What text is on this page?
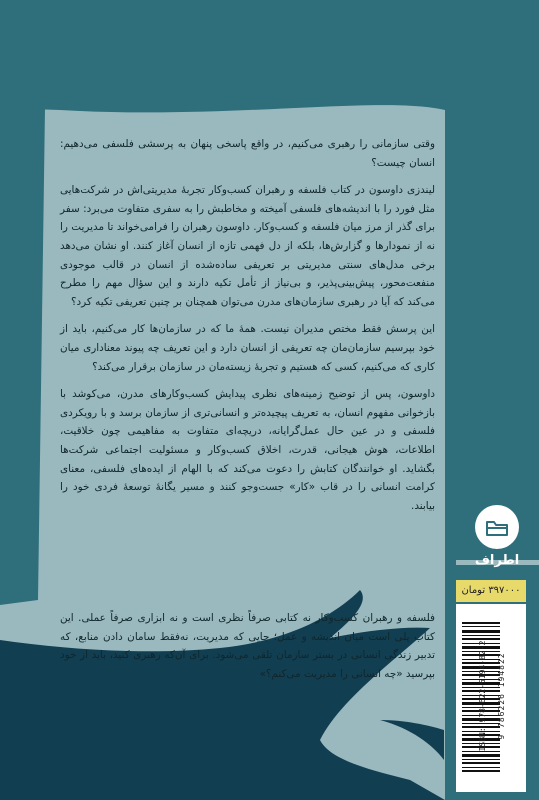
وقتی سازمانی را رهبری می‌کنیم، در واقع پاسخی پنهان به پرسشی فلسفی می‌دهیم: انسان چیست؟

لیندزی داوسون در کتاب فلسفه و رهبران کسب‌وکار تجربهٔ مدیریتی‌اش در شرکت‌هایی مثل فورد را با اندیشه‌های فلسفی آمیخته و مخاطبش را به سفری متفاوت می‌برد: سفر برای گذر از مرز میان فلسفه و کسب‌وکار. داوسون رهبران را فرامی‌خواند تا مدیریت را نه از نمودارها و گزارش‌ها، بلکه از دل فهمی تازه از انسان آغاز کنند. او نشان می‌دهد برخی مدل‌های سنتی مدیریتی بر تعریفی ساده‌شده از انسان در قالب موجودی منفعت‌محور، پیش‌بینی‌پذیر، و بی‌نیاز از تأمل تکیه دارند و این سؤال مهم را مطرح می‌کند که آیا در رهبری سازمان‌های مدرن می‌توان همچنان بر چنین تعریفی تکیه کرد؟

این پرسش فقط مختص مدیران نیست. همهٔ ما که در سازمان‌ها کار می‌کنیم، باید از خود بپرسیم سازمان‌مان چه تعریفی از انسان دارد و این تعریف چه پیوند معناداری میان کاری که می‌کنیم، کسی که هستیم و تجربهٔ زیسته‌مان در سازمان برقرار می‌کند؟

داوسون، پس از توضیح زمینه‌های نظری پیدایش کسب‌وکارهای مدرن، می‌کوشد با بازخوانی مفهوم انسان، به تعریف پیچیده‌تر و انسانی‌تری از سازمان برسد و با رویکردی فلسفی و در عین حال عمل‌گرایانه، دریچه‌ای متفاوت به مفاهیمی چون خلاقیت، اطلاعات، هوش هیجانی، قدرت، اخلاق کسب‌وکار و مسئولیت اجتماعی شرکت‌ها بگشاید. او خوانندگان کتابش را دعوت می‌کند که با الهام از ایده‌های فلسفی، معنای کرامت انسانی را در قاب «کار» جست‌وجو کنند و مسیر یگانهٔ توسعهٔ فردی خود را بیابند.

فلسفه و رهبران کسب‌وکار نه کتابی صرفاً نظری است و نه ابزاری صرفاً عملی. این کتاب پلی است میان اندیشه و عمل؛ جایی که مدیریت، نه‌فقط سامان دادن منابع، که تدبیر زندگی انسانی در بستر سازمان تلقی می‌شود. برای آن‌که رهبری کنید، باید از خود بپرسید «چه انسانی را مدیریت می‌کنم؟»

اطراف
۳۹۷۰۰۰ تومان
ISBN: 978-622-6194-82-2	9 786226 194822
